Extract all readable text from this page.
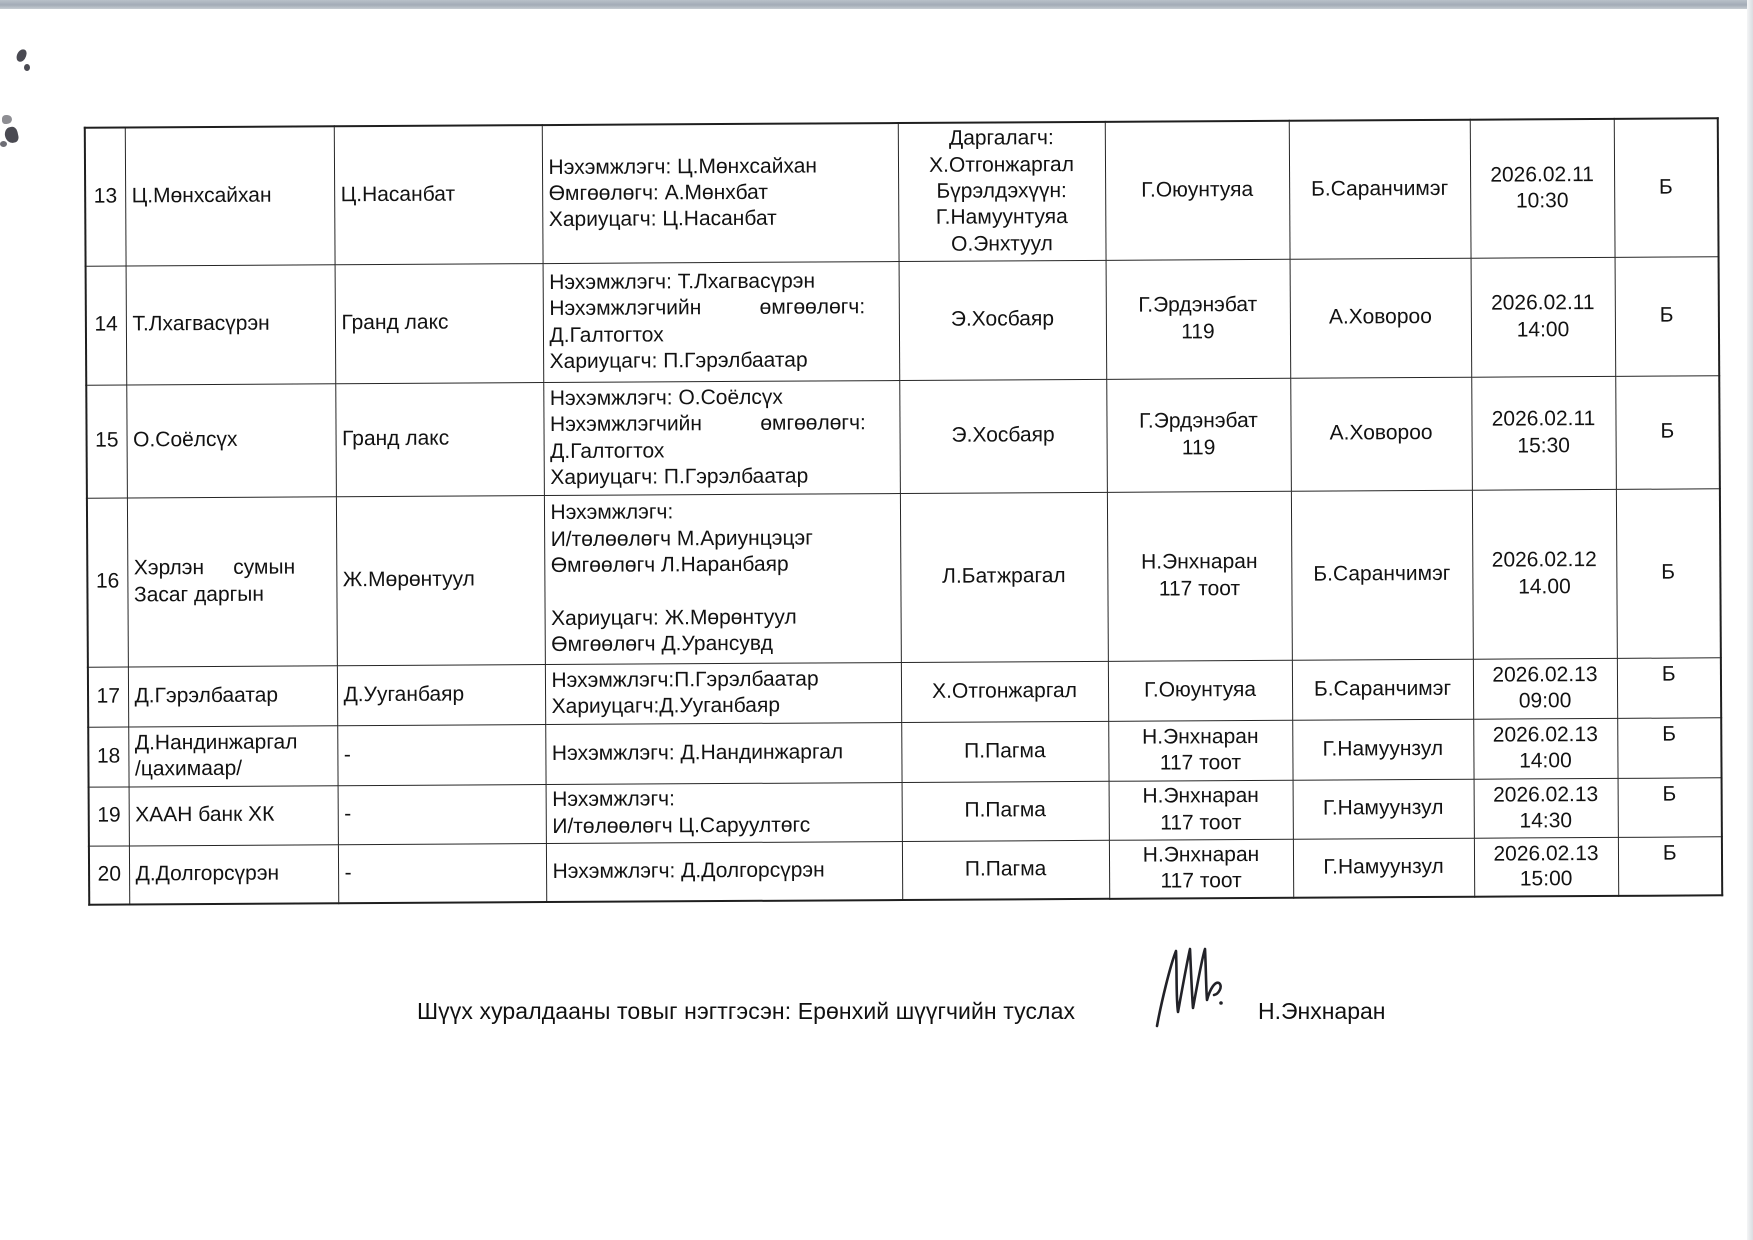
13	Ц.Мөнхсайхан	Ц.Насанбат	Нэхэмжлэгч: Ц.Мөнхсайхан
Өмгөөлөгч: А.Мөнхбат
Хариуцагч: Ц.Насанбат	Даргалагч:
Х.Отгонжаргал
Бүрэлдэхүүн:
Г.Намуунтуяа
О.Энхтуул	Г.Оюунтуяа	Б.Саранчимэг	2026.02.11
10:30	Б
14	Т.Лхагвасүрэн	Гранд лакс	Нэхэмжлэгч: Т.Лхагвасүрэн
Нэхэмжлэгчийн          өмгөөлөгч:
Д.Галтогтох
Хариуцагч: П.Гэрэлбаатар	Э.Хосбаяр	Г.Эрдэнэбат
119	А.Ховороо	2026.02.11
14:00	Б
15	О.Соёлсүх	Гранд лакс	Нэхэмжлэгч: О.Соёлсүх
Нэхэмжлэгчийн          өмгөөлөгч:
Д.Галтогтох
Хариуцагч: П.Гэрэлбаатар	Э.Хосбаяр	Г.Эрдэнэбат
119	А.Ховороо	2026.02.11
15:30	Б
16	Хэрлэн     сумын
Засаг даргын	Ж.Мөрөнтуул	Нэхэмжлэгч:
И/төлөөлөгч М.Ариунцэцэг
Өмгөөлөгч Л.Наранбаяр

Хариуцагч: Ж.Мөрөнтуул
Өмгөөлөгч Д.Урансувд	Л.Батжрагал	Н.Энхнаран
117 тоот	Б.Саранчимэг	2026.02.12
14.00	Б
17	Д.Гэрэлбаатар	Д.Ууганбаяр	Нэхэмжлэгч:П.Гэрэлбаатар
Хариуцагч:Д.Ууганбаяр	Х.Отгонжаргал	Г.Оюунтуяа	Б.Саранчимэг	2026.02.13
09:00	Б
18	Д.Нандинжаргал
/цахимаар/	-	Нэхэмжлэгч: Д.Нандинжаргал	П.Пагма	Н.Энхнаран
117 тоот	Г.Намуунзул	2026.02.13
14:00	Б
19	ХААН банк ХК	-	Нэхэмжлэгч:
И/төлөөлөгч Ц.Саруултөгс	П.Пагма	Н.Энхнаран
117 тоот	Г.Намуунзул	2026.02.13
14:30	Б
20	Д.Долгорсүрэн	-	Нэхэмжлэгч: Д.Долгорсүрэн	П.Пагма	Н.Энхнаран
117 тоот	Г.Намуунзул	2026.02.13
15:00	Б
Шүүх хуралдааны товыг нэгтгэсэн: Ерөнхий шүүгчийн туслах	Н.Энхнаран
